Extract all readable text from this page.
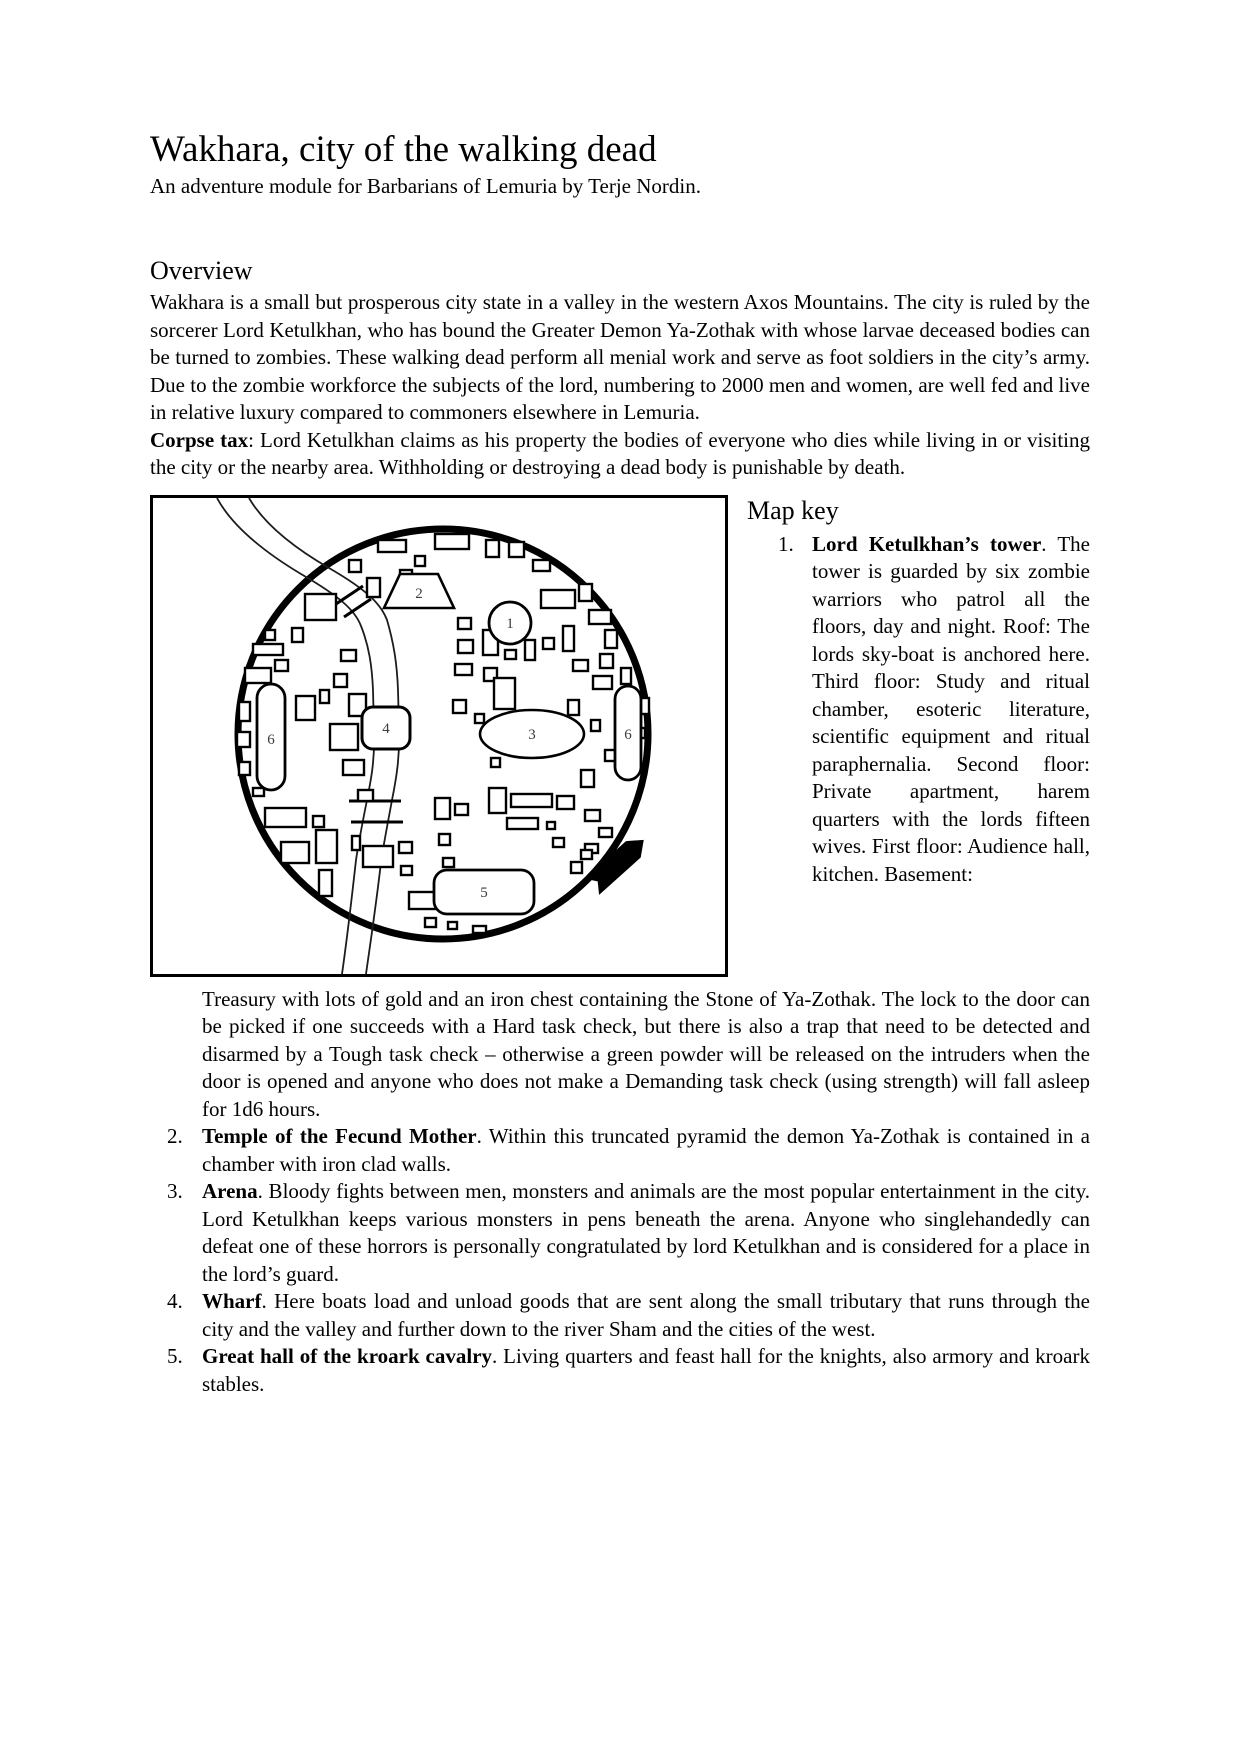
Wakhara, city of the walking dead
An adventure module for Barbarians of Lemuria by Terje Nordin.
Overview

Wakhara is a small but prosperous city state in a valley in the western Axos Mountains. The city is ruled by the sorcerer Lord Ketulkhan, who has bound the Greater Demon Ya-Zothak with whose larvae deceased bodies can be turned to zombies. These walking dead perform all menial work and serve as foot soldiers in the city’s army. Due to the zombie workforce the subjects of the lord, numbering to 2000 men and women, are well fed and live in relative luxury compared to commoners elsewhere in Lemuria.

Corpse tax: Lord Ketulkhan claims as his property the bodies of everyone who dies while living in or visiting the city or the nearby area. Withholding or destroying a dead body is punishable by death.

1
2
3
4
5
6	6
Map key
1. Lord Ketulkhan’s tower. The tower is guarded by six zombie warriors who patrol all the floors, day and night. Roof: The lords sky-boat is anchored here. Third floor: Study and ritual chamber, esoteric literature, scientific equipment and ritual paraphernalia. Second floor: Private apartment, harem quarters with the lords fifteen wives. First floor: Audience hall, kitchen. Basement:
Treasury with lots of gold and an iron chest containing the Stone of Ya-Zothak. The lock to the door can be picked if one succeeds with a Hard task check, but there is also a trap that need to be detected and disarmed by a Tough task check – otherwise a green powder will be released on the intruders when the door is opened and anyone who does not make a Demanding task check (using strength) will fall asleep for 1d6 hours.
2. Temple of the Fecund Mother. Within this truncated pyramid the demon Ya-Zothak is contained in a chamber with iron clad walls.
3. Arena. Bloody fights between men, monsters and animals are the most popular entertainment in the city. Lord Ketulkhan keeps various monsters in pens beneath the arena. Anyone who singlehandedly can defeat one of these horrors is personally congratulated by lord Ketulkhan and is considered for a place in the lord’s guard.
4. Wharf. Here boats load and unload goods that are sent along the small tributary that runs through the city and the valley and further down to the river Sham and the cities of the west.
5. Great hall of the kroark cavalry. Living quarters and feast hall for the knights, also armory and kroark stables.
